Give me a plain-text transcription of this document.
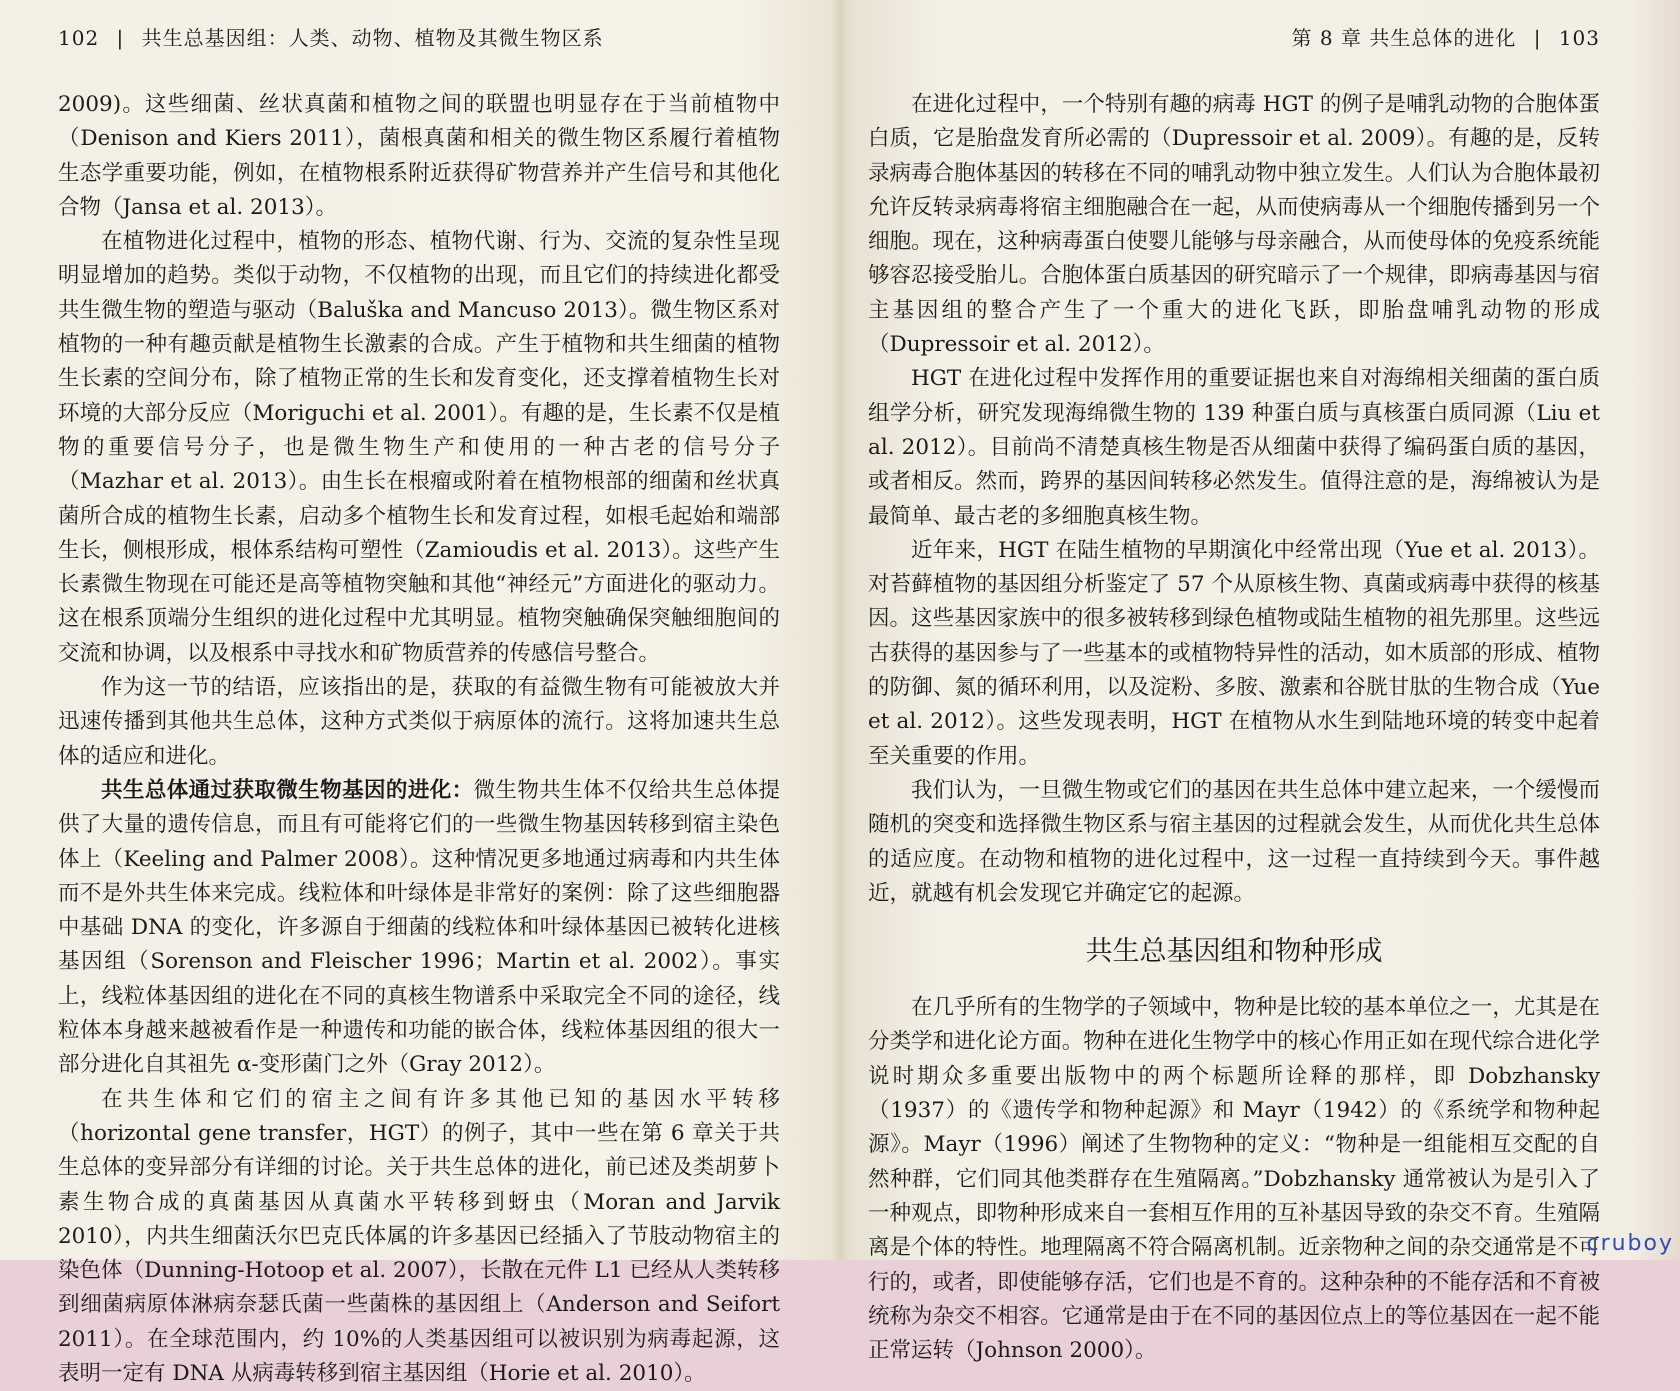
102 | 共生总基因组：人类、动物、植物及其微生物区系

2009)。这些细菌、丝状真菌和植物之间的联盟也明显存在于当前植物中（Denison and Kiers 2011），菌根真菌和相关的微生物区系履行着植物生态学重要功能，例如，在植物根系附近获得矿物营养并产生信号和其他化合物（Jansa et al. 2013）。

在植物进化过程中，植物的形态、植物代谢、行为、交流的复杂性呈现明显增加的趋势。类似于动物，不仅植物的出现，而且它们的持续进化都受共生微生物的塑造与驱动（Baluška and Mancuso 2013）。微生物区系对植物的一种有趣贡献是植物生长激素的合成。产生于植物和共生细菌的植物生长素的空间分布，除了植物正常的生长和发育变化，还支撑着植物生长对环境的大部分反应（Moriguchi et al. 2001）。有趣的是，生长素不仅是植物的重要信号分子，也是微生物生产和使用的一种古老的信号分子（Mazhar et al. 2013）。由生长在根瘤或附着在植物根部的细菌和丝状真菌所合成的植物生长素，启动多个植物生长和发育过程，如根毛起始和端部生长，侧根形成，根体系结构可塑性（Zamioudis et al. 2013）。这些产生长素微生物现在可能还是高等植物突触和其他“神经元”方面进化的驱动力。这在根系顶端分生组织的进化过程中尤其明显。植物突触确保突触细胞间的交流和协调，以及根系中寻找水和矿物质营养的传感信号整合。

作为这一节的结语，应该指出的是，获取的有益微生物有可能被放大并迅速传播到其他共生总体，这种方式类似于病原体的流行。这将加速共生总体的适应和进化。

共生总体通过获取微生物基因的进化：微生物共生体不仅给共生总体提供了大量的遗传信息，而且有可能将它们的一些微生物基因转移到宿主染色体上（Keeling and Palmer 2008）。这种情况更多地通过病毒和内共生体而不是外共生体来完成。线粒体和叶绿体是非常好的案例：除了这些细胞器中基础 DNA 的变化，许多源自于细菌的线粒体和叶绿体基因已被转化进核基因组（Sorenson and Fleischer 1996；Martin et al. 2002）。事实上，线粒体基因组的进化在不同的真核生物谱系中采取完全不同的途径，线粒体本身越来越被看作是一种遗传和功能的嵌合体，线粒体基因组的很大一部分进化自其祖先 α-变形菌门之外（Gray 2012）。

在共生体和它们的宿主之间有许多其他已知的基因水平转移（horizontal gene transfer，HGT）的例子，其中一些在第 6 章关于共生总体的变异部分有详细的讨论。关于共生总体的进化，前已述及类胡萝卜素生物合成的真菌基因从真菌水平转移到蚜虫（Moran and Jarvik 2010），内共生细菌沃尔巴克氏体属的许多基因已经插入了节肢动物宿主的染色体（Dunning-Hotoop et al. 2007），长散在元件 L1 已经从人类转移到细菌病原体淋病奈瑟氏菌一些菌株的基因组上（Anderson and Seifort 2011）。在全球范围内，约 10%的人类基因组可以被识别为病毒起源，这表明一定有 DNA 从病毒转移到宿主基因组（Horie et al. 2010）。

第 8 章 共生总体的进化 | 103

在进化过程中，一个特别有趣的病毒 HGT 的例子是哺乳动物的合胞体蛋白质，它是胎盘发育所必需的（Dupressoir et al. 2009）。有趣的是，反转录病毒合胞体基因的转移在不同的哺乳动物中独立发生。人们认为合胞体最初允许反转录病毒将宿主细胞融合在一起，从而使病毒从一个细胞传播到另一个细胞。现在，这种病毒蛋白使婴儿能够与母亲融合，从而使母体的免疫系统能够容忍接受胎儿。合胞体蛋白质基因的研究暗示了一个规律，即病毒基因与宿主基因组的整合产生了一个重大的进化飞跃，即胎盘哺乳动物的形成（Dupressoir et al. 2012）。

HGT 在进化过程中发挥作用的重要证据也来自对海绵相关细菌的蛋白质组学分析，研究发现海绵微生物的 139 种蛋白质与真核蛋白质同源（Liu et al. 2012）。目前尚不清楚真核生物是否从细菌中获得了编码蛋白质的基因，或者相反。然而，跨界的基因间转移必然发生。值得注意的是，海绵被认为是最简单、最古老的多细胞真核生物。

近年来，HGT 在陆生植物的早期演化中经常出现（Yue et al. 2013）。对苔藓植物的基因组分析鉴定了 57 个从原核生物、真菌或病毒中获得的核基因。这些基因家族中的很多被转移到绿色植物或陆生植物的祖先那里。这些远古获得的基因参与了一些基本的或植物特异性的活动，如木质部的形成、植物的防御、氮的循环利用，以及淀粉、多胺、激素和谷胱甘肽的生物合成（Yue et al. 2012）。这些发现表明，HGT 在植物从水生到陆地环境的转变中起着至关重要的作用。

我们认为，一旦微生物或它们的基因在共生总体中建立起来，一个缓慢而随机的突变和选择微生物区系与宿主基因的过程就会发生，从而优化共生总体的适应度。在动物和植物的进化过程中，这一过程一直持续到今天。事件越近，就越有机会发现它并确定它的起源。

共生总基因组和物种形成

在几乎所有的生物学的子领域中，物种是比较的基本单位之一，尤其是在分类学和进化论方面。物种在进化生物学中的核心作用正如在现代综合进化学说时期众多重要出版物中的两个标题所诠释的那样，即 Dobzhansky（1937）的《遗传学和物种起源》和 Mayr（1942）的《系统学和物种起源》。Mayr（1996）阐述了生物物种的定义：“物种是一组能相互交配的自然种群，它们同其他类群存在生殖隔离。”Dobzhansky 通常被认为是引入了一种观点，即物种形成来自一套相互作用的互补基因导致的杂交不育。生殖隔离是个体的特性。地理隔离不符合隔离机制。近亲物种之间的杂交通常是不可行的，或者，即使能够存活，它们也是不育的。这种杂种的不能存活和不育被统称为杂交不相容。它通常是由于在不同的基因位点上的等位基因在一起不能正常运转（Johnson 2000）。

cruboy
